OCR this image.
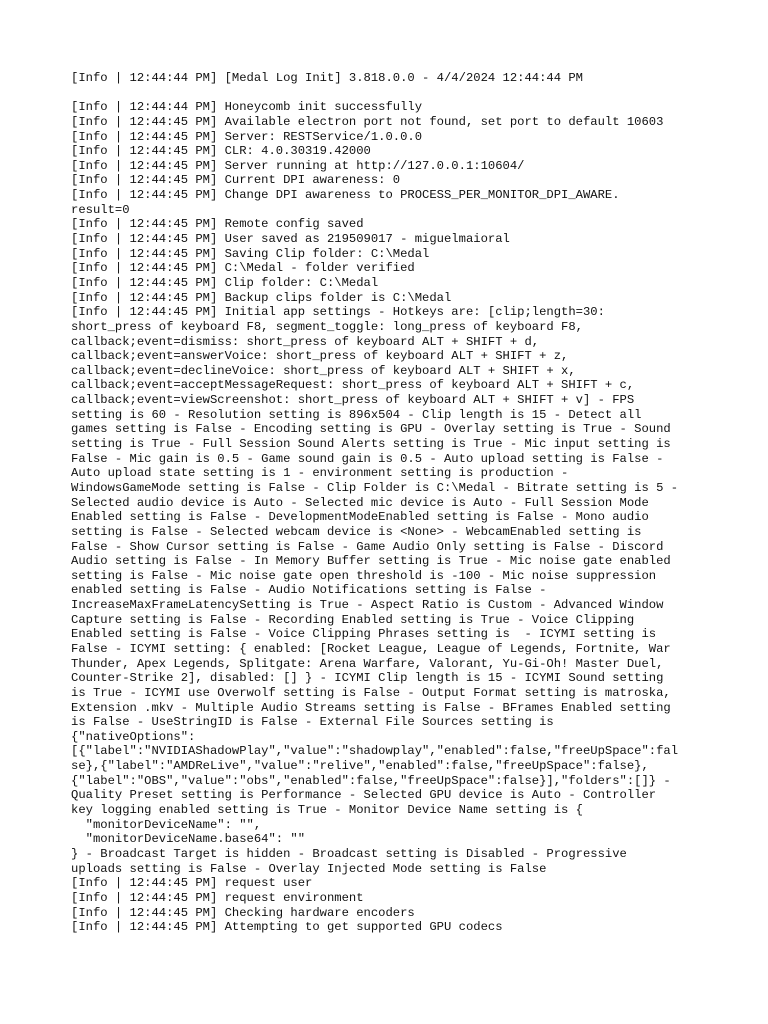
[Info | 12:44:44 PM] [Medal Log Init] 3.818.0.0 - 4/4/2024 12:44:44 PM
[Info | 12:44:44 PM] Honeycomb init successfully
[Info | 12:44:45 PM] Available electron port not found, set port to default 10603
[Info | 12:44:45 PM] Server: RESTService/1.0.0.0
[Info | 12:44:45 PM] CLR: 4.0.30319.42000
[Info | 12:44:45 PM] Server running at http://127.0.0.1:10604/
[Info | 12:44:45 PM] Current DPI awareness: 0
[Info | 12:44:45 PM] Change DPI awareness to PROCESS_PER_MONITOR_DPI_AWARE.
result=0
[Info | 12:44:45 PM] Remote config saved
[Info | 12:44:45 PM] User saved as 219509017 - miguelmaioral
[Info | 12:44:45 PM] Saving Clip folder: C:\Medal
[Info | 12:44:45 PM] C:\Medal - folder verified
[Info | 12:44:45 PM] Clip folder: C:\Medal
[Info | 12:44:45 PM] Backup clips folder is C:\Medal
[Info | 12:44:45 PM] Initial app settings - Hotkeys are: [clip;length=30:
short_press of keyboard F8, segment_toggle: long_press of keyboard F8,
callback;event=dismiss: short_press of keyboard ALT + SHIFT + d,
callback;event=answerVoice: short_press of keyboard ALT + SHIFT + z,
callback;event=declineVoice: short_press of keyboard ALT + SHIFT + x,
callback;event=acceptMessageRequest: short_press of keyboard ALT + SHIFT + c,
callback;event=viewScreenshot: short_press of keyboard ALT + SHIFT + v] - FPS
setting is 60 - Resolution setting is 896x504 - Clip length is 15 - Detect all
games setting is False - Encoding setting is GPU - Overlay setting is True - Sound
setting is True - Full Session Sound Alerts setting is True - Mic input setting is
False - Mic gain is 0.5 - Game sound gain is 0.5 - Auto upload setting is False -
Auto upload state setting is 1 - environment setting is production -
WindowsGameMode setting is False - Clip Folder is C:\Medal - Bitrate setting is 5 -
Selected audio device is Auto - Selected mic device is Auto - Full Session Mode
Enabled setting is False - DevelopmentModeEnabled setting is False - Mono audio
setting is False - Selected webcam device is <None> - WebcamEnabled setting is
False - Show Cursor setting is False - Game Audio Only setting is False - Discord
Audio setting is False - In Memory Buffer setting is True - Mic noise gate enabled
setting is False - Mic noise gate open threshold is -100 - Mic noise suppression
enabled setting is False - Audio Notifications setting is False -
IncreaseMaxFrameLatencySetting is True - Aspect Ratio is Custom - Advanced Window
Capture setting is False - Recording Enabled setting is True - Voice Clipping
Enabled setting is False - Voice Clipping Phrases setting is  - ICYMI setting is
False - ICYMI setting: { enabled: [Rocket League, League of Legends, Fortnite, War
Thunder, Apex Legends, Splitgate: Arena Warfare, Valorant, Yu-Gi-Oh! Master Duel,
Counter-Strike 2], disabled: [] } - ICYMI Clip length is 15 - ICYMI Sound setting
is True - ICYMI use Overwolf setting is False - Output Format setting is matroska,
Extension .mkv - Multiple Audio Streams setting is False - BFrames Enabled setting
is False - UseStringID is False - External File Sources setting is
{"nativeOptions":
[{"label":"NVIDIAShadowPlay","value":"shadowplay","enabled":false,"freeUpSpace":fal
se},{"label":"AMDReLive","value":"relive","enabled":false,"freeUpSpace":false},
{"label":"OBS","value":"obs","enabled":false,"freeUpSpace":false}],"folders":[]} -
Quality Preset setting is Performance - Selected GPU device is Auto - Controller
key logging enabled setting is True - Monitor Device Name setting is {
"monitorDeviceName": "",
"monitorDeviceName.base64": ""
} - Broadcast Target is hidden - Broadcast setting is Disabled - Progressive
uploads setting is False - Overlay Injected Mode setting is False
[Info | 12:44:45 PM] request user
[Info | 12:44:45 PM] request environment
[Info | 12:44:45 PM] Checking hardware encoders
[Info | 12:44:45 PM] Attempting to get supported GPU codecs
